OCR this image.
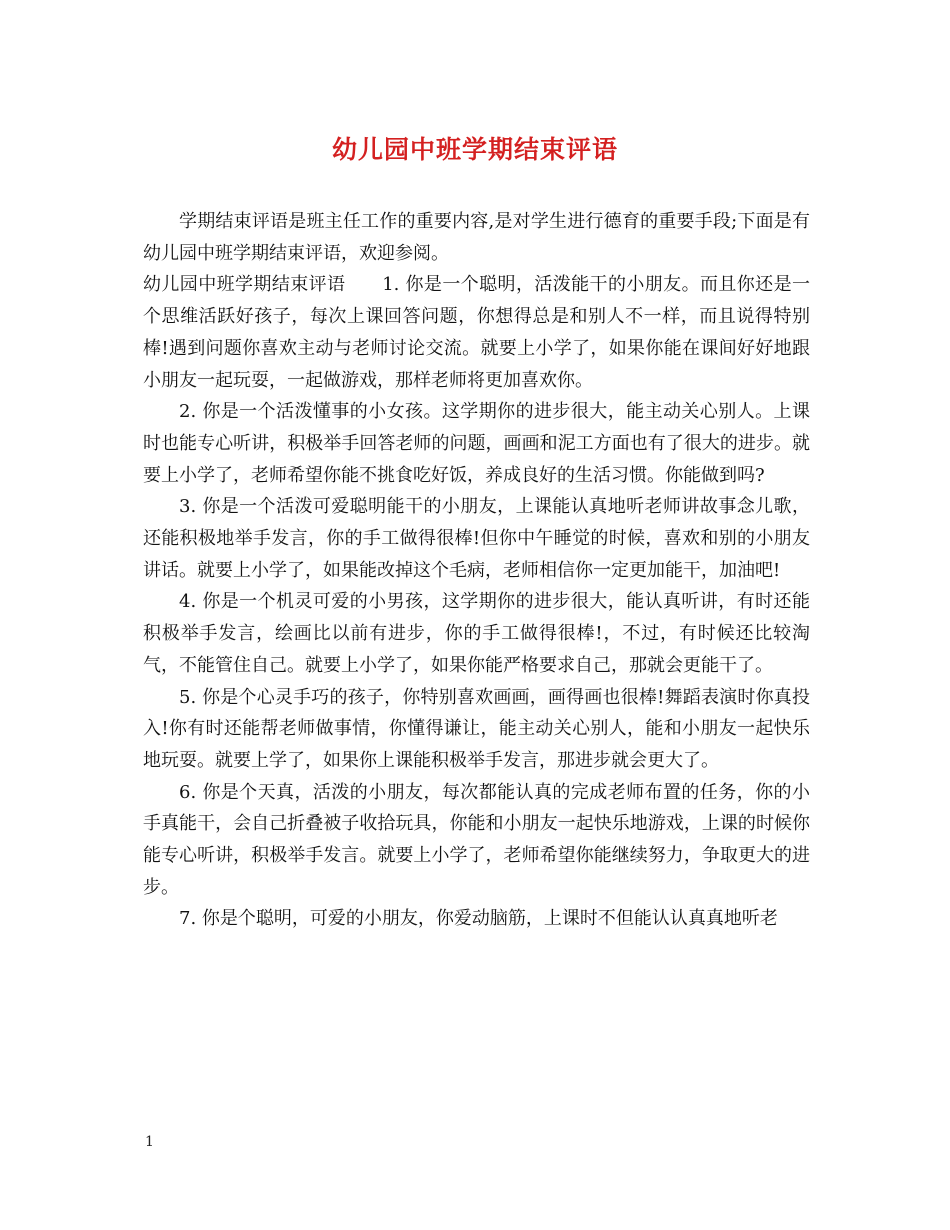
幼儿园中班学期结束评语

学期结束评语是班主任工作的重要内容,是对学生进行德育的重要手段;下面是有幼儿园中班学期结束评语，欢迎参阅。

幼儿园中班学期结束评语　　1. 你是一个聪明，活泼能干的小朋友。而且你还是一个思维活跃好孩子，每次上课回答问题，你想得总是和别人不一样，而且说得特别棒!遇到问题你喜欢主动与老师讨论交流。就要上小学了，如果你能在课间好好地跟小朋友一起玩耍，一起做游戏，那样老师将更加喜欢你。

2. 你是一个活泼懂事的小女孩。这学期你的进步很大，能主动关心别人。上课时也能专心听讲，积极举手回答老师的问题，画画和泥工方面也有了很大的进步。就要上小学了，老师希望你能不挑食吃好饭，养成良好的生活习惯。你能做到吗?

3. 你是一个活泼可爱聪明能干的小朋友，上课能认真地听老师讲故事念儿歌，还能积极地举手发言，你的手工做得很棒!但你中午睡觉的时候，喜欢和别的小朋友讲话。就要上小学了，如果能改掉这个毛病，老师相信你一定更加能干，加油吧!

4. 你是一个机灵可爱的小男孩，这学期你的进步很大，能认真听讲，有时还能积极举手发言，绘画比以前有进步，你的手工做得很棒!，不过，有时候还比较淘气，不能管住自己。就要上小学了，如果你能严格要求自己，那就会更能干了。

5. 你是个心灵手巧的孩子，你特别喜欢画画，画得画也很棒!舞蹈表演时你真投入!你有时还能帮老师做事情，你懂得谦让，能主动关心别人，能和小朋友一起快乐地玩耍。就要上学了，如果你上课能积极举手发言，那进步就会更大了。

6. 你是个天真，活泼的小朋友，每次都能认真的完成老师布置的任务，你的小手真能干，会自己折叠被子收拾玩具，你能和小朋友一起快乐地游戏，上课的时候你能专心听讲，积极举手发言。就要上小学了，老师希望你能继续努力，争取更大的进步。

7. 你是个聪明，可爱的小朋友，你爱动脑筋，上课时不但能认认真真地听老

1
